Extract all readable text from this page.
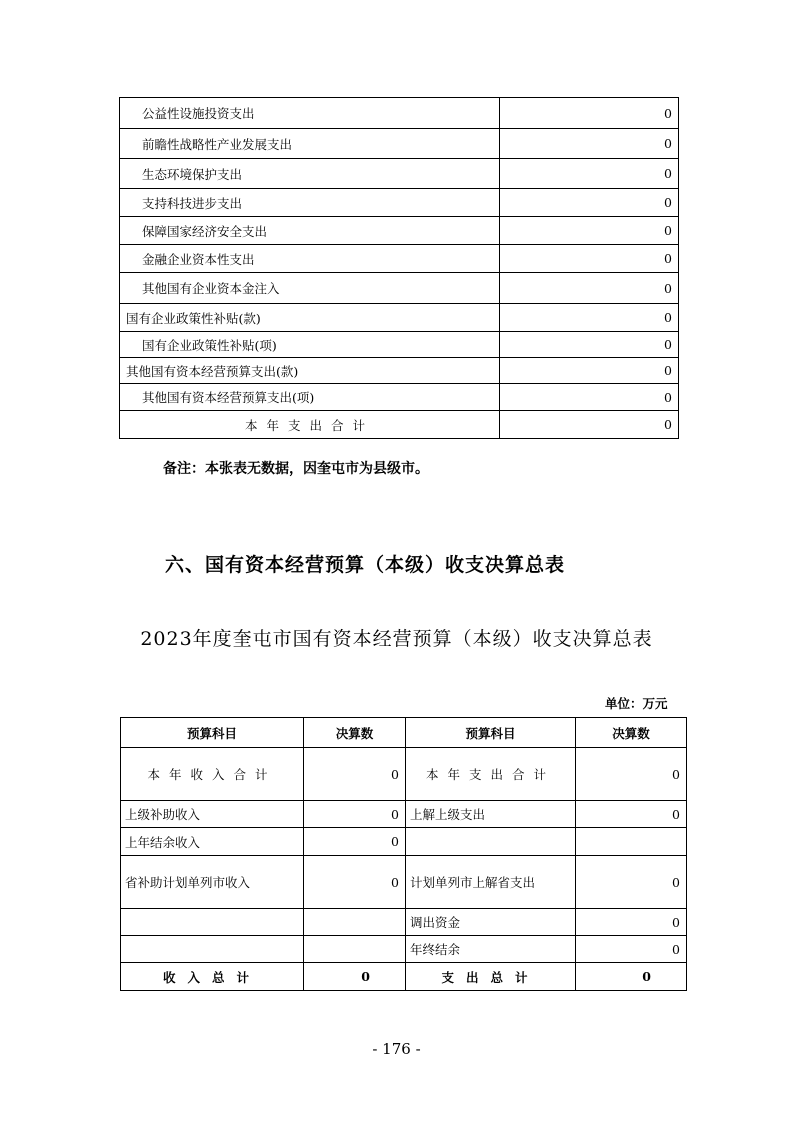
公益性设施投资支出	0
前瞻性战略性产业发展支出	0
生态环境保护支出	0
支持科技进步支出	0
保障国家经济安全支出	0
金融企业资本性支出	0
其他国有企业资本金注入	0
国有企业政策性补贴(款)	0
国有企业政策性补贴(项)	0
其他国有资本经营预算支出(款)	0
其他国有资本经营预算支出(项)	0
本年支出合计	0
备注：本张表无数据，因奎屯市为县级市。
六、国有资本经营预算（本级）收支决算总表
2023年度奎屯市国有资本经营预算（本级）收支决算总表
单位：万元
预算科目	决算数	预算科目	决算数
本年收入合计	0	本年支出合计	0
上级补助收入	0	上解上级支出	0
上年结余收入	0		
省补助计划单列市收入	0	计划单列市上解省支出	0
		调出资金	0
		年终结余	0
收入总计	0	支出总计	0
- 176 -
